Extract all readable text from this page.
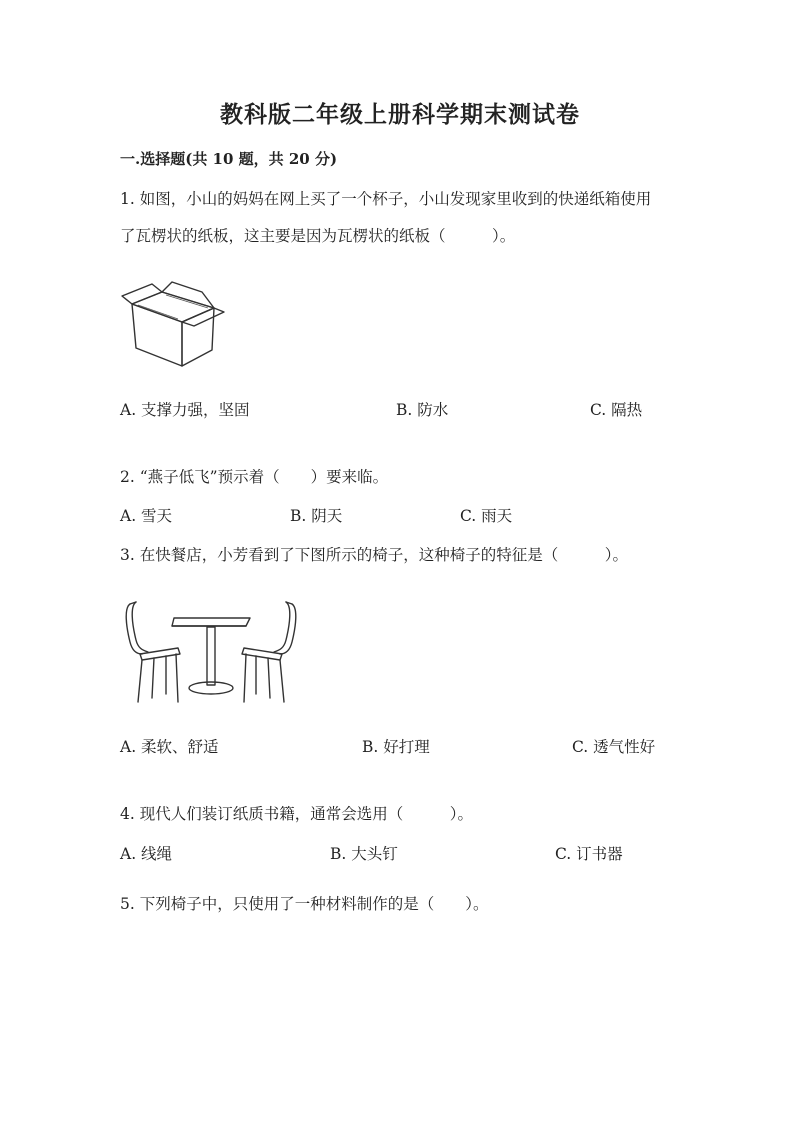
教科版二年级上册科学期末测试卷
一.选择题(共 10 题，共 20 分)
1. 如图，小山的妈妈在网上买了一个杯子，小山发现家里收到的快递纸箱使用
了瓦楞状的纸板，这主要是因为瓦楞状的纸板（　　　）。
A. 支撑力强，坚固	B. 防水	C. 隔热
2. “燕子低飞”预示着（　　）要来临。
A. 雪天	B. 阴天	C. 雨天
3. 在快餐店，小芳看到了下图所示的椅子，这种椅子的特征是（　　　）。
A. 柔软、舒适	B. 好打理	C. 透气性好
4. 现代人们装订纸质书籍，通常会选用（　　　）。
A. 线绳	B. 大头钉	C. 订书器
5. 下列椅子中，只使用了一种材料制作的是（　　）。
